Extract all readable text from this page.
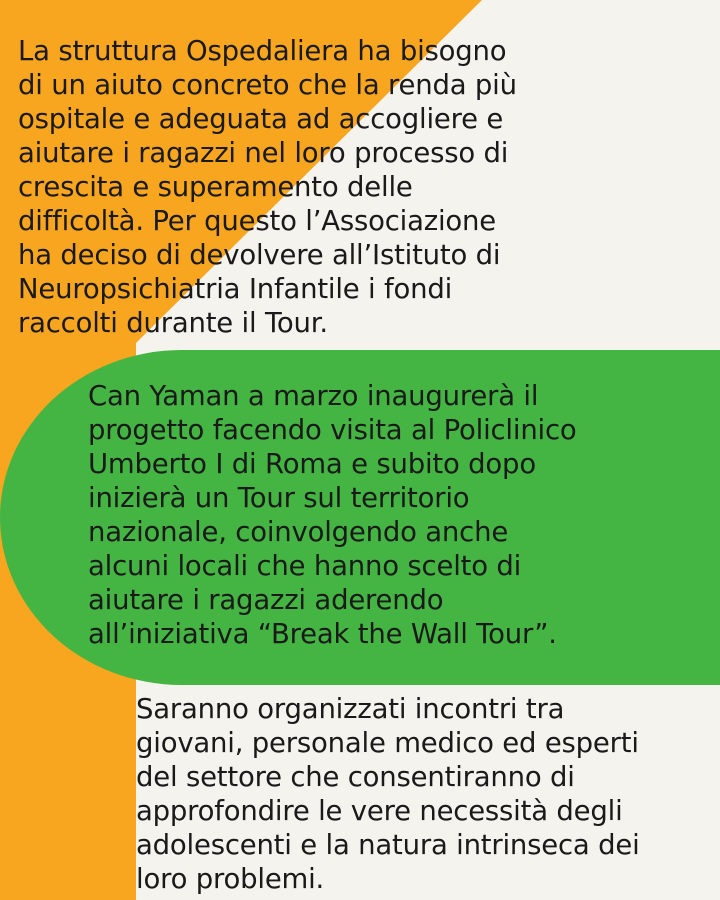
La struttura Ospedaliera ha bisogno
di un aiuto concreto che la renda più
ospitale e adeguata ad accogliere e
aiutare i ragazzi nel loro processo di
crescita e superamento delle
difficoltà. Per questo l’Associazione
ha deciso di devolvere all’Istituto di
Neuropsichiatria Infantile i fondi
raccolti durante il Tour.

Can Yaman a marzo inaugurerà il
progetto facendo visita al Policlinico
Umberto I di Roma e subito dopo
inizierà un Tour sul territorio
nazionale, coinvolgendo anche
alcuni locali che hanno scelto di
aiutare i ragazzi aderendo
all’iniziativa “Break the Wall Tour”.

Saranno organizzati incontri tra
giovani, personale medico ed esperti
del settore che consentiranno di
approfondire le vere necessità degli
adolescenti e la natura intrinseca dei
loro problemi.
